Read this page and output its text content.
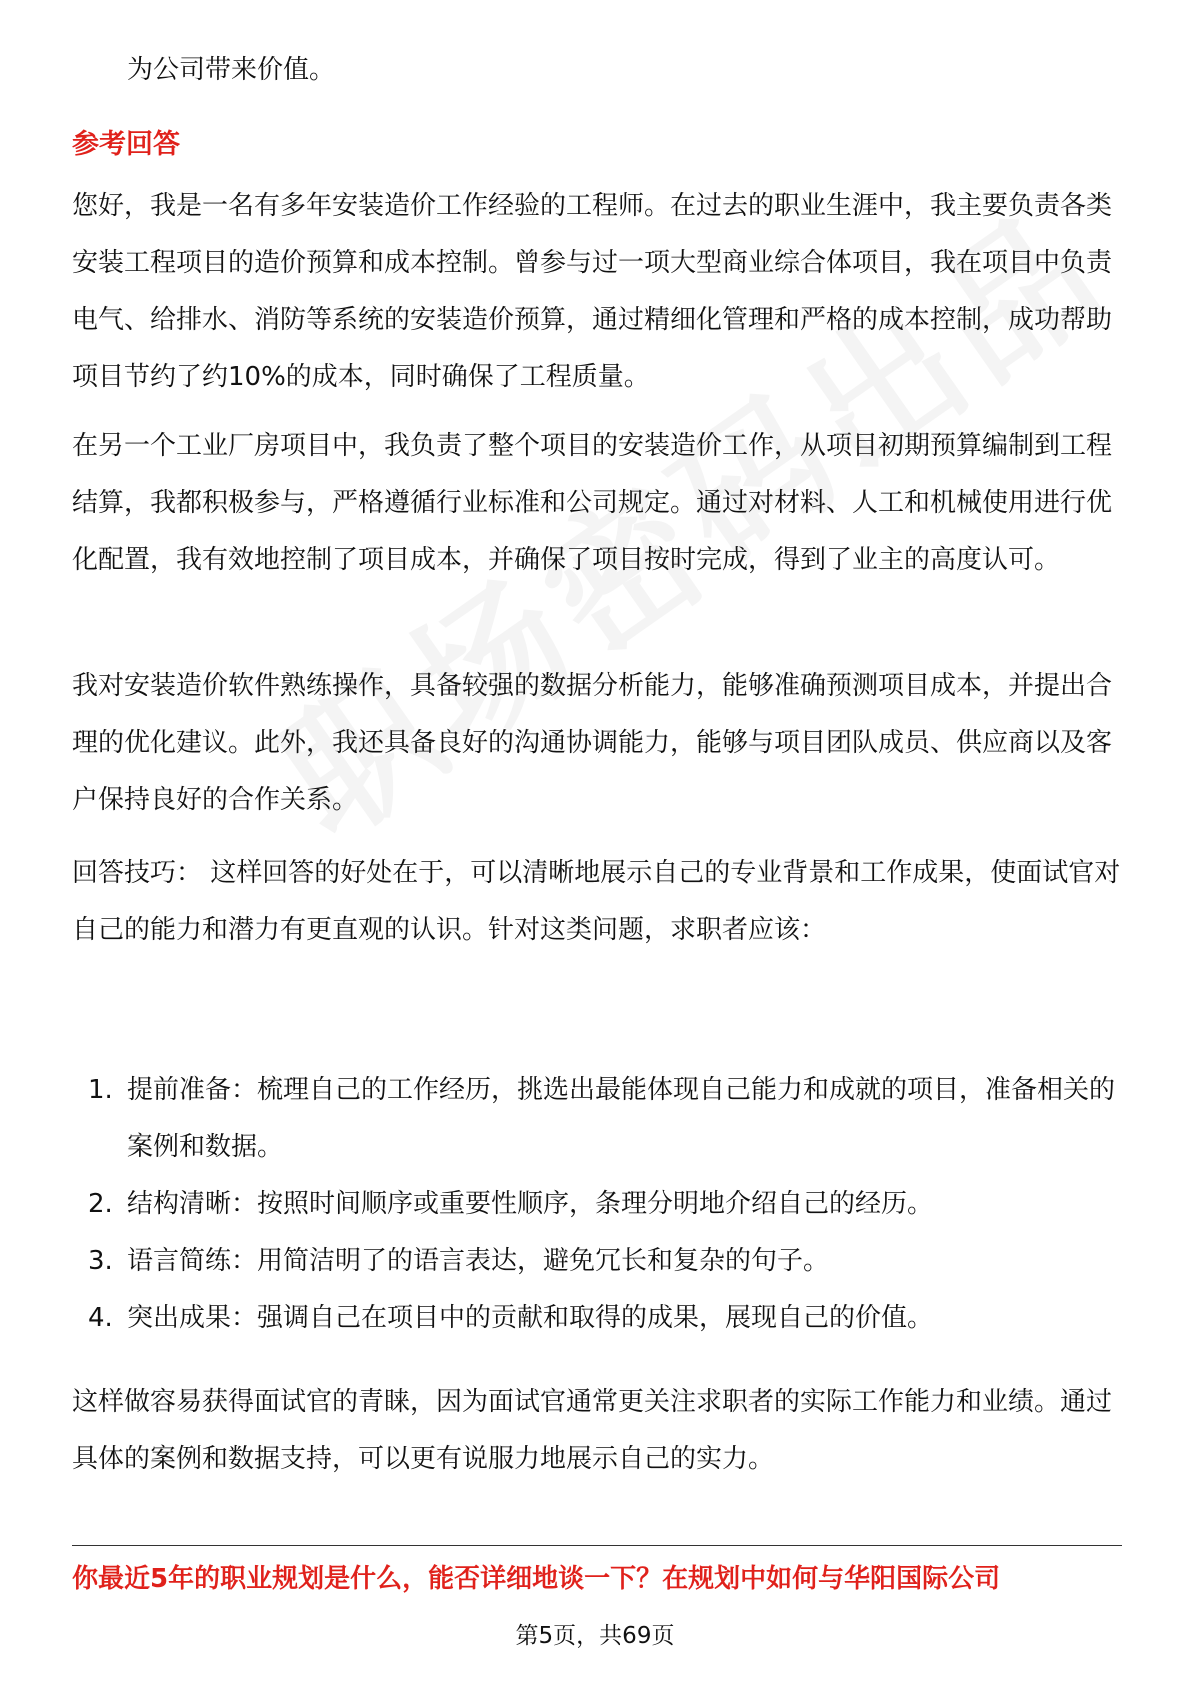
为公司带来价值。
参考回答

您好，我是一名有多年安装造价工作经验的工程师。在过去的职业生涯中，我主要负责各类安装工程项目的造价预算和成本控制。曾参与过一项大型商业综合体项目，我在项目中负责电气、给排水、消防等系统的安装造价预算，通过精细化管理和严格的成本控制，成功帮助项目节约了约10%的成本，同时确保了工程质量。

在另一个工业厂房项目中，我负责了整个项目的安装造价工作，从项目初期预算编制到工程结算，我都积极参与，严格遵循行业标准和公司规定。通过对材料、人工和机械使用进行优化配置，我有效地控制了项目成本，并确保了项目按时完成，得到了业主的高度认可。

我对安装造价软件熟练操作，具备较强的数据分析能力，能够准确预测项目成本，并提出合理的优化建议。此外，我还具备良好的沟通协调能力，能够与项目团队成员、供应商以及客户保持良好的合作关系。

回答技巧： 这样回答的好处在于，可以清晰地展示自己的专业背景和工作成果，使面试官对自己的能力和潜力有更直观的认识。针对这类问题，求职者应该：

1. 提前准备：梳理自己的工作经历，挑选出最能体现自己能力和成就的项目，准备相关的案例和数据。
2. 结构清晰：按照时间顺序或重要性顺序，条理分明地介绍自己的经历。
3. 语言简练：用简洁明了的语言表达，避免冗长和复杂的句子。
4. 突出成果：强调自己在项目中的贡献和取得的成果，展现自己的价值。

这样做容易获得面试官的青睐，因为面试官通常更关注求职者的实际工作能力和业绩。通过具体的案例和数据支持，可以更有说服力地展示自己的实力。

你最近5年的职业规划是什么，能否详细地谈一下？在规划中如何与华阳国际公司
第5页，共69页
